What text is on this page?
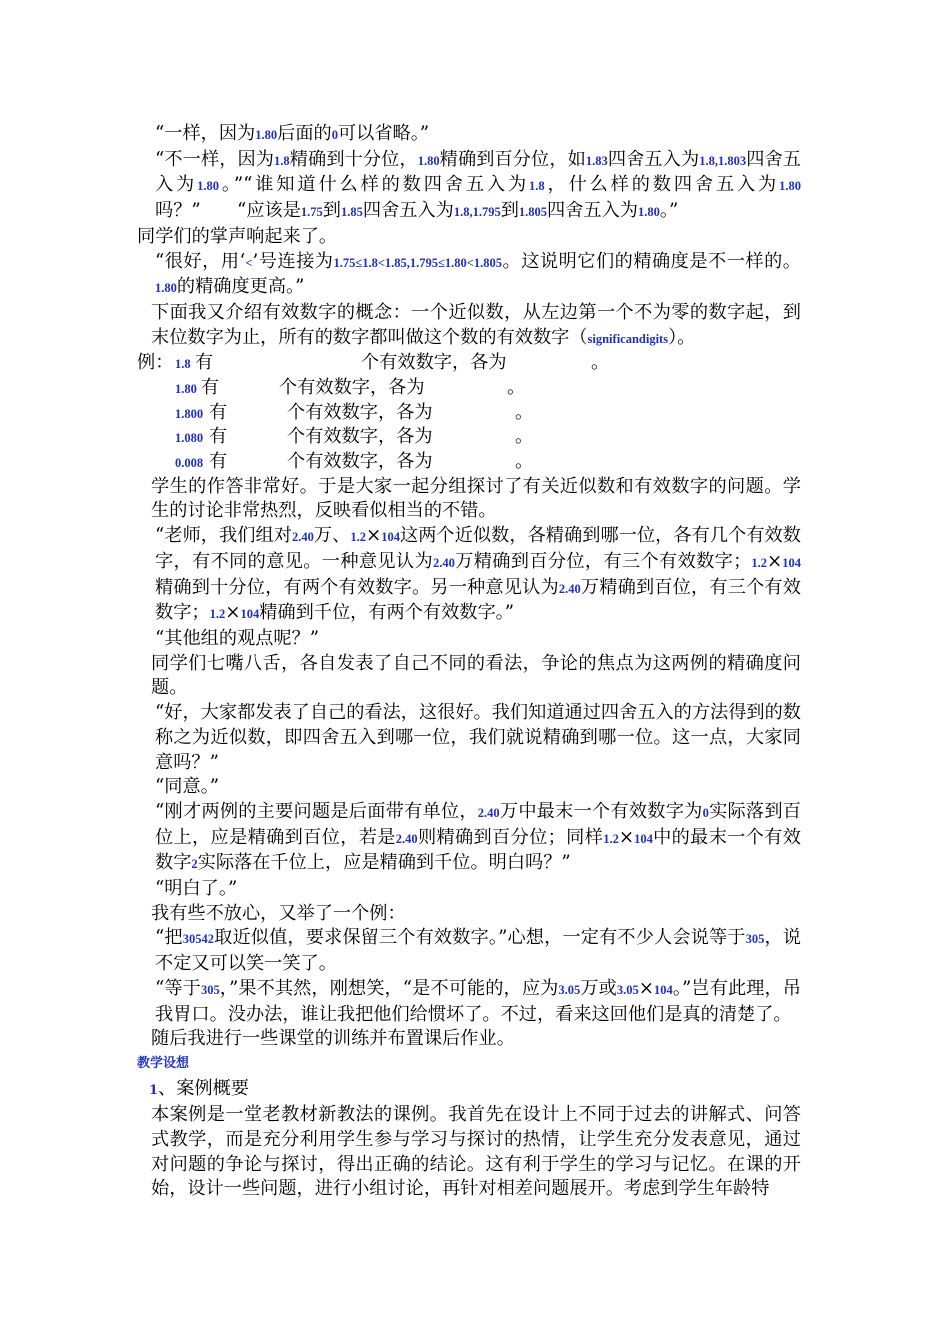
“一样，因为1.80后面的0可以省略。”

“不一样，因为1.8精确到十分位，1.80精确到百分位，如1.83四舍五入为1.8,1.803四舍五入为1.80。”“谁知道什么样的数四舍五入为1.8，什么样的数四舍五入为1.80吗？”　　“应该是1.75到1.85四舍五入为1.8,1.795到1.805四舍五入为1.80。”

同学们的掌声响起来了。

“很好，用‘<’号连接为1.75≤1.8<1.85,1.795≤1.80<1.805。这说明它们的精确度是不一样的。1.80的精确度更高。”

下面我又介绍有效数字的概念：一个近似数，从左边第一个不为零的数字起，到末位数字为止，所有的数字都叫做这个数的有效数字（significandigits）。

例： 1.8 有	个有效数字，各为	。
1.80 有	个有效数字，各为	。
1.800 有	个有效数字，各为	。
1.080 有	个有效数字，各为	。
0.008 有	个有效数字，各为	。

学生的作答非常好。于是大家一起分组探讨了有关近似数和有效数字的问题。学生的讨论非常热烈，反映看似相当的不错。

“老师，我们组对2.40万、1.2×104这两个近似数，各精确到哪一位，各有几个有效数字，有不同的意见。一种意见认为2.40万精确到百分位，有三个有效数字；1.2×104精确到十分位，有两个有效数字。另一种意见认为2.40万精确到百位，有三个有效数字；1.2×104精确到千位，有两个有效数字。”

“其他组的观点呢？”

同学们七嘴八舌，各自发表了自己不同的看法，争论的焦点为这两例的精确度问题。

“好，大家都发表了自己的看法，这很好。我们知道通过四舍五入的方法得到的数称之为近似数，即四舍五入到哪一位，我们就说精确到哪一位。这一点，大家同意吗？”

“同意。”

“刚才两例的主要问题是后面带有单位，2.40万中最末一个有效数字为0实际落到百位上，应是精确到百位，若是2.40则精确到百分位；同样1.2×104中的最末一个有效数字2实际落在千位上，应是精确到千位。明白吗？”

“明白了。”

我有些不放心，又举了一个例：

“把30542取近似值，要求保留三个有效数字。”心想，一定有不少人会说等于305，说不定又可以笑一笑了。

“等于305，”果不其然，刚想笑，“是不可能的，应为3.05万或3.05×104。”岂有此理，吊我胃口。没办法，谁让我把他们给惯坏了。不过，看来这回他们是真的清楚了。

随后我进行一些课堂的训练并布置课后作业。

教学设想

1、案例概要

本案例是一堂老教材新教法的课例。我首先在设计上不同于过去的讲解式、问答式教学，而是充分利用学生参与学习与探讨的热情，让学生充分发表意见，通过对问题的争论与探讨，得出正确的结论。这有利于学生的学习与记忆。在课的开始，设计一些问题，进行小组讨论，再针对相差问题展开。考虑到学生年龄特
